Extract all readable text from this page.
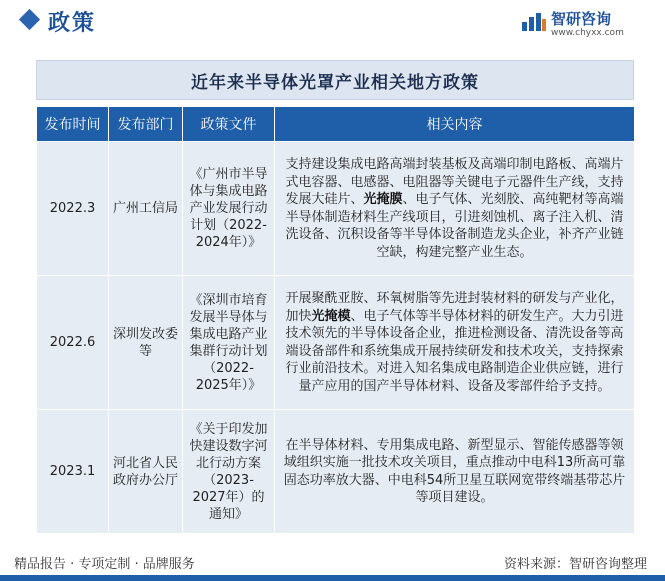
政策	智研咨询
www.chyxx.com
近年来半导体光罩产业相关地方政策
发布时间	发布部门	政策文件	相关内容
2022.3	广州工信局	《广州市半导体与集成电路产业发展行动计划（2022-2024年）》	支持建设集成电路高端封装基板及高端印制电路板、高端片式电容器、电感器、电阻器等关键电子元器件生产线，支持发展大硅片、光掩膜、电子气体、光刻胶、高纯靶材等高端半导体制造材料生产线项目，引进刻蚀机、离子注入机、清洗设备、沉积设备等半导体设备制造龙头企业，补齐产业链空缺，构建完整产业生态。
2022.6	深圳发改委等	《深圳市培育发展半导体与集成电路产业集群行动计划（2022-2025年）》	开展聚酰亚胺、环氧树脂等先进封装材料的研发与产业化，加快光掩模、电子气体等半导体材料的研发生产。大力引进技术领先的半导体设备企业，推进检测设备、清洗设备等高端设备部件和系统集成开展持续研发和技术攻关，支持探索行业前沿技术。对进入知名集成电路制造企业供应链，进行量产应用的国产半导体材料、设备及零部件给予支持。
2023.1	河北省人民政府办公厅	《关于印发加快建设数字河北行动方案（2023-2027年）的通知》	在半导体材料、专用集成电路、新型显示、智能传感器等领域组织实施一批技术攻关项目，重点推动中电科13所高可靠固态功率放大器、中电科54所卫星互联网宽带终端基带芯片等项目建设。
精品报告 · 专项定制 · 品牌服务	资料来源：智研咨询整理
